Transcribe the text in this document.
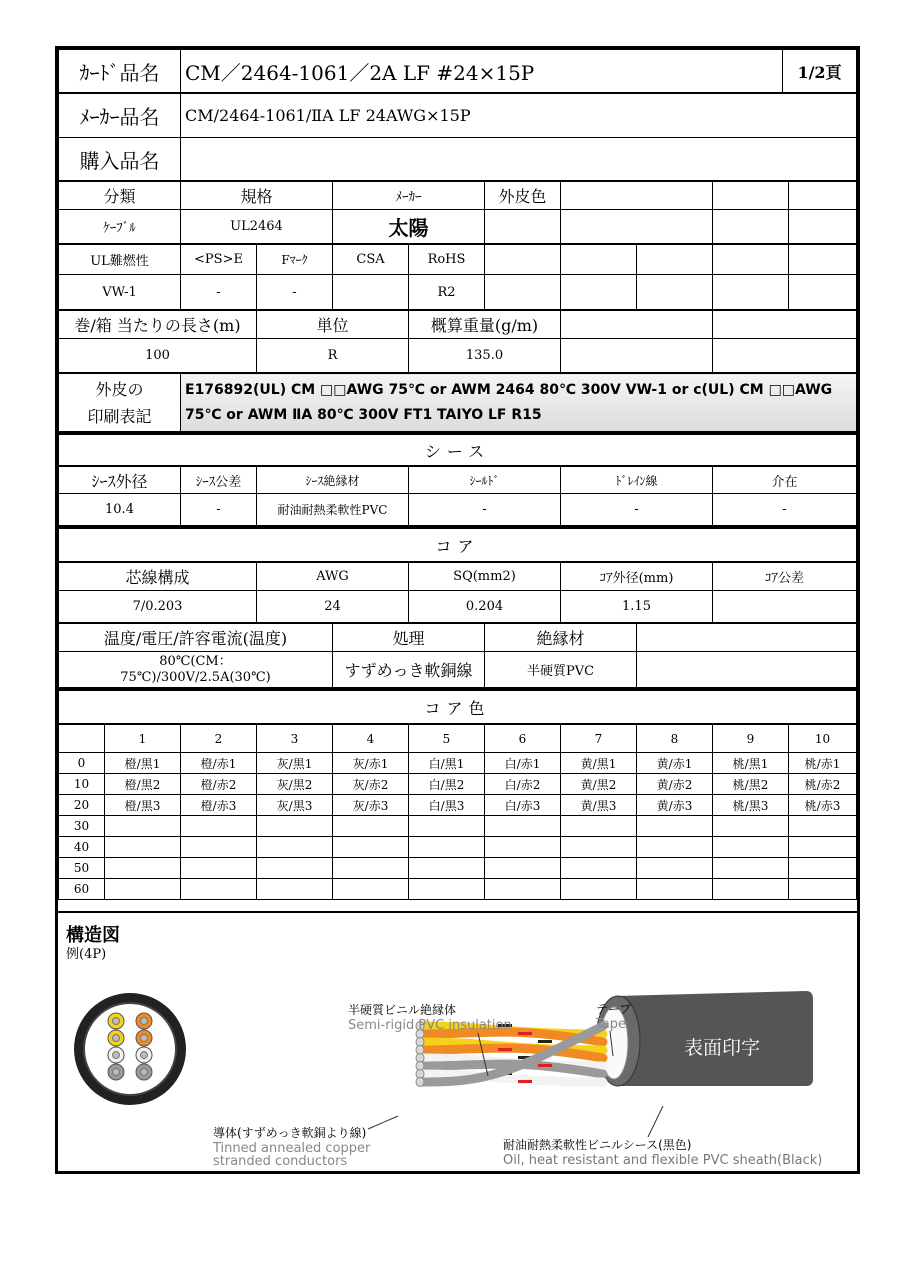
ｶｰﾄﾞ品名	CM／2464-1061／2A LF #24×15P	1/2頁
ﾒｰｶｰ品名	CM/2464-1061/ⅡA LF 24AWG×15P
購入品名	
分類	規格	ﾒｰｶｰ	外皮色			
ｹｰﾌﾞﾙ	UL2464	太陽				
UL難燃性	<PS>E	Fﾏｰｸ	CSA	RoHS					
VW-1	-	-		R2					
巻/箱 当たりの長さ(m)	単位	概算重量(g/m)		
100	R	135.0		
外皮の
印刷表記
	E176892(UL) CM □□AWG 75℃ or AWM 2464 80℃ 300V VW-1 or c(UL) CM □□AWG 75℃ or AWM ⅡA 80℃ 300V FT1 TAIYO LF R15
シース
ｼｰｽ外径	ｼｰｽ公差	ｼｰｽ絶縁材	ｼｰﾙﾄﾞ	ﾄﾞﾚｲﾝ線	介在
10.4	-	耐油耐熱柔軟性PVC	-	-	-
コア
芯線構成	AWG	SQ(mm2)	ｺｱ外径(mm)	ｺｱ公差
7/0.203	24	0.204	1.15	
温度/電圧/許容電流(温度)	処理	絶縁材	
80℃(CM：75℃)/300V/2.5A(30℃)	すずめっき軟銅線	半硬質PVC	
コア色
	1	2	3	4	5	6	7	8	9	10
0	橙/黒1	橙/赤1	灰/黒1	灰/赤1	白/黒1	白/赤1	黄/黒1	黄/赤1	桃/黒1	桃/赤1
10	橙/黒2	橙/赤2	灰/黒2	灰/赤2	白/黒2	白/赤2	黄/黒2	黄/赤2	桃/黒2	桃/赤2
20	橙/黒3	橙/赤3	灰/黒3	灰/赤3	白/黒3	白/赤3	黄/黒3	黄/赤3	桃/黒3	桃/赤3
30										
40										
50										
60										
構造図
例(4P)
表面印字
半硬質ビニル絶縁体
Semi-rigid PVC insulation
テープ
Tape
導体(すずめっき軟銅より線)
Tinned annealed copper
stranded conductors
耐油耐熱柔軟性ビニルシース(黒色)
Oil, heat resistant and flexible PVC sheath(Black)
